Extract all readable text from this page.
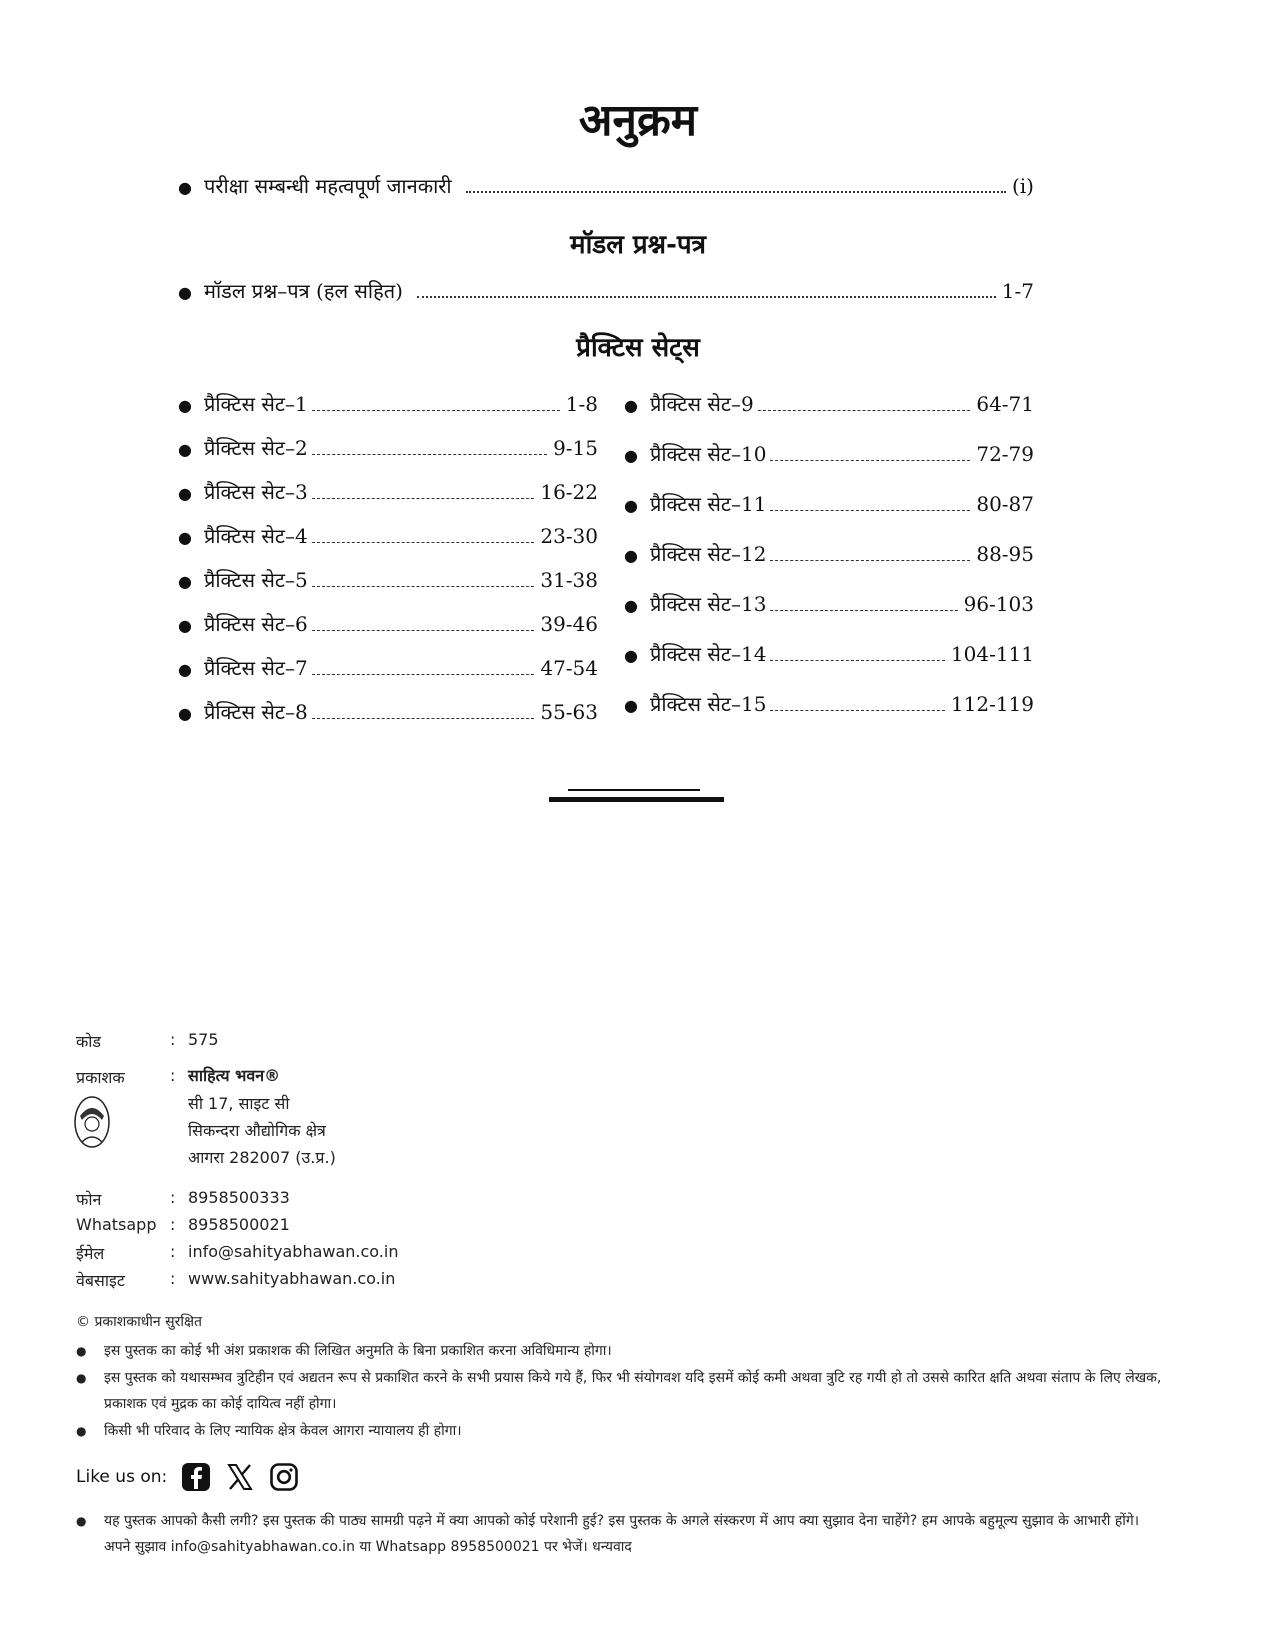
अनुक्रम
● परीक्षा सम्बन्धी महत्वपूर्ण जानकारी	(i)
मॉडल प्रश्न-पत्र
● मॉडल प्रश्न–पत्र (हल सहित)	1-7
प्रैक्टिस सेट्स
● प्रैक्टिस सेट–1	1-8
● प्रैक्टिस सेट–2	9-15
● प्रैक्टिस सेट–3	16-22
● प्रैक्टिस सेट–4	23-30
● प्रैक्टिस सेट–5	31-38
● प्रैक्टिस सेट–6	39-46
● प्रैक्टिस सेट–7	47-54
● प्रैक्टिस सेट–8	55-63
● प्रैक्टिस सेट–9	64-71
● प्रैक्टिस सेट–10	72-79
● प्रैक्टिस सेट–11	80-87
● प्रैक्टिस सेट–12	88-95
● प्रैक्टिस सेट–13	96-103
● प्रैक्टिस सेट–14	104-111
● प्रैक्टिस सेट–15	112-119
कोड	: 575
प्रकाशक	: साहित्य भवन®
सी 17, साइट सी
सिकन्दरा औद्योगिक क्षेत्र
आगरा 282007 (उ.प्र.)
फोन	: 8958500333
Whatsapp : 8958500021
ईमेल	: info@sahityabhawan.co.in
वेबसाइट	: www.sahityabhawan.co.in
© प्रकाशकाधीन सुरक्षित
● इस पुस्तक का कोई भी अंश प्रकाशक की लिखित अनुमति के बिना प्रकाशित करना अविधिमान्य होगा।
● इस पुस्तक को यथासम्भव त्रुटिहीन एवं अद्यतन रूप से प्रकाशित करने के सभी प्रयास किये गये हैं, फिर भी संयोगवश यदि इसमें कोई कमी अथवा त्रुटि रह गयी हो तो उससे कारित क्षति अथवा संताप के लिए लेखक, प्रकाशक एवं मुद्रक का कोई दायित्व नहीं होगा।
● किसी भी परिवाद के लिए न्यायिक क्षेत्र केवल आगरा न्यायालय ही होगा।
Like us on:
● यह पुस्तक आपको कैसी लगी? इस पुस्तक की पाठ्य सामग्री पढ़ने में क्या आपको कोई परेशानी हुई? इस पुस्तक के अगले संस्करण में आप क्या सुझाव देना चाहेंगे? हम आपके बहुमूल्य सुझाव के आभारी होंगे। अपने सुझाव info@sahityabhawan.co.in या Whatsapp 8958500021 पर भेजें। धन्यवाद
